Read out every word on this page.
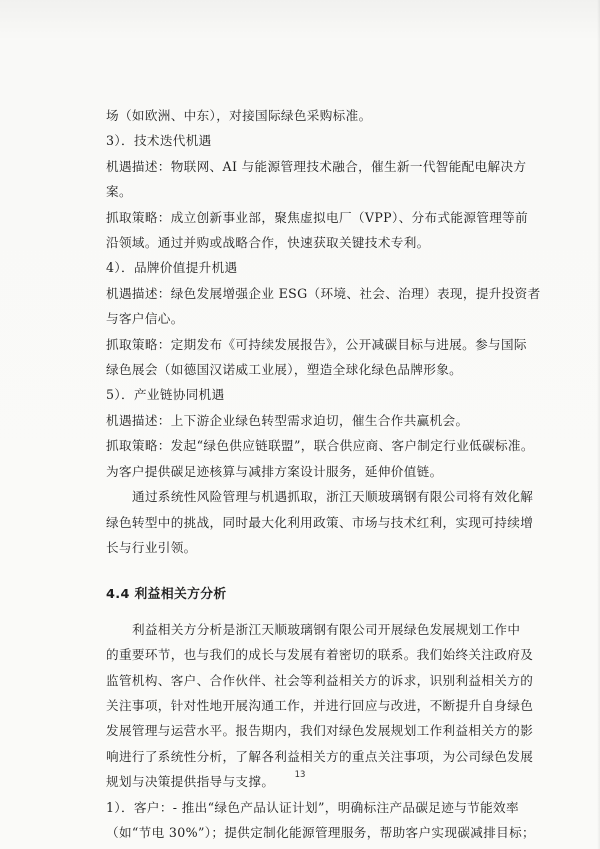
场（如欧洲、中东），对接国际绿色采购标准。
3）．技术迭代机遇
机遇描述：物联网、AI 与能源管理技术融合，催生新一代智能配电解决方
案。
抓取策略：成立创新事业部，聚焦虚拟电厂（VPP）、分布式能源管理等前
沿领域。通过并购或战略合作，快速获取关键技术专利。
4）．品牌价值提升机遇
机遇描述：绿色发展增强企业 ESG（环境、社会、治理）表现，提升投资者
与客户信心。
抓取策略：定期发布《可持续发展报告》，公开减碳目标与进展。参与国际
绿色展会（如德国汉诺威工业展），塑造全球化绿色品牌形象。
5）．产业链协同机遇
机遇描述：上下游企业绿色转型需求迫切，催生合作共赢机会。
抓取策略：发起“绿色供应链联盟”，联合供应商、客户制定行业低碳标准。
为客户提供碳足迹核算与减排方案设计服务，延伸价值链。
通过系统性风险管理与机遇抓取，浙江天顺玻璃钢有限公司将有效化解
绿色转型中的挑战，同时最大化利用政策、市场与技术红利，实现可持续增
长与行业引领。
4.4 利益相关方分析
利益相关方分析是浙江天顺玻璃钢有限公司开展绿色发展规划工作中
的重要环节，也与我们的成长与发展有着密切的联系。我们始终关注政府及
监管机构、客户、合作伙伴、社会等利益相关方的诉求，识别利益相关方的
关注事项，针对性地开展沟通工作，并进行回应与改进，不断提升自身绿色
发展管理与运营水平。报告期内，我们对绿色发展规划工作利益相关方的影
响进行了系统性分析，了解各利益相关方的重点关注事项，为公司绿色发展
规划与决策提供指导与支撑。
1）．客户：- 推出“绿色产品认证计划”，明确标注产品碳足迹与节能效率
（如“节电 30%”）；提供定制化能源管理服务，帮助客户实现碳减排目标；
13
